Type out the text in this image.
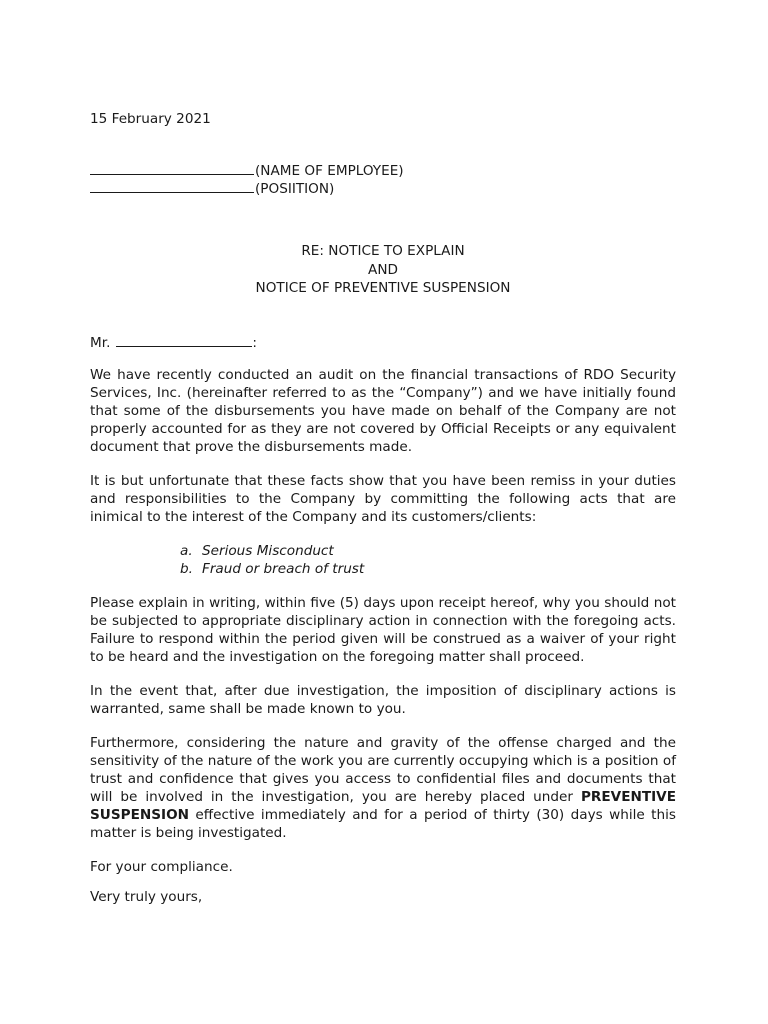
15 February 2021
(NAME OF EMPLOYEE)
(POSIITION)
RE: NOTICE TO EXPLAIN
AND
NOTICE OF PREVENTIVE SUSPENSION
Mr.	:

We have recently conducted an audit on the financial transactions of RDO Security Services, Inc. (hereinafter referred to as the “Company”) and we have initially found that some of the disbursements you have made on behalf of the Company are not properly accounted for as they are not covered by Official Receipts or any equivalent document that prove the disbursements made.

It is but unfortunate that these facts show that you have been remiss in your duties and responsibilities to the Company by committing the following acts that are inimical to the interest of the Company and its customers/clients:

a. Serious Misconduct
b. Fraud or breach of trust

Please explain in writing, within five (5) days upon receipt hereof, why you should not be subjected to appropriate disciplinary action in connection with the foregoing acts. Failure to respond within the period given will be construed as a waiver of your right to be heard and the investigation on the foregoing matter shall proceed.

In the event that, after due investigation, the imposition of disciplinary actions is warranted, same shall be made known to you.

Furthermore, considering the nature and gravity of the offense charged and the sensitivity of the nature of the work you are currently occupying which is a position of trust and confidence that gives you access to confidential files and documents that will be involved in the investigation, you are hereby placed under PREVENTIVE SUSPENSION effective immediately and for a period of thirty (30) days while this matter is being investigated.

For your compliance.
Very truly yours,
